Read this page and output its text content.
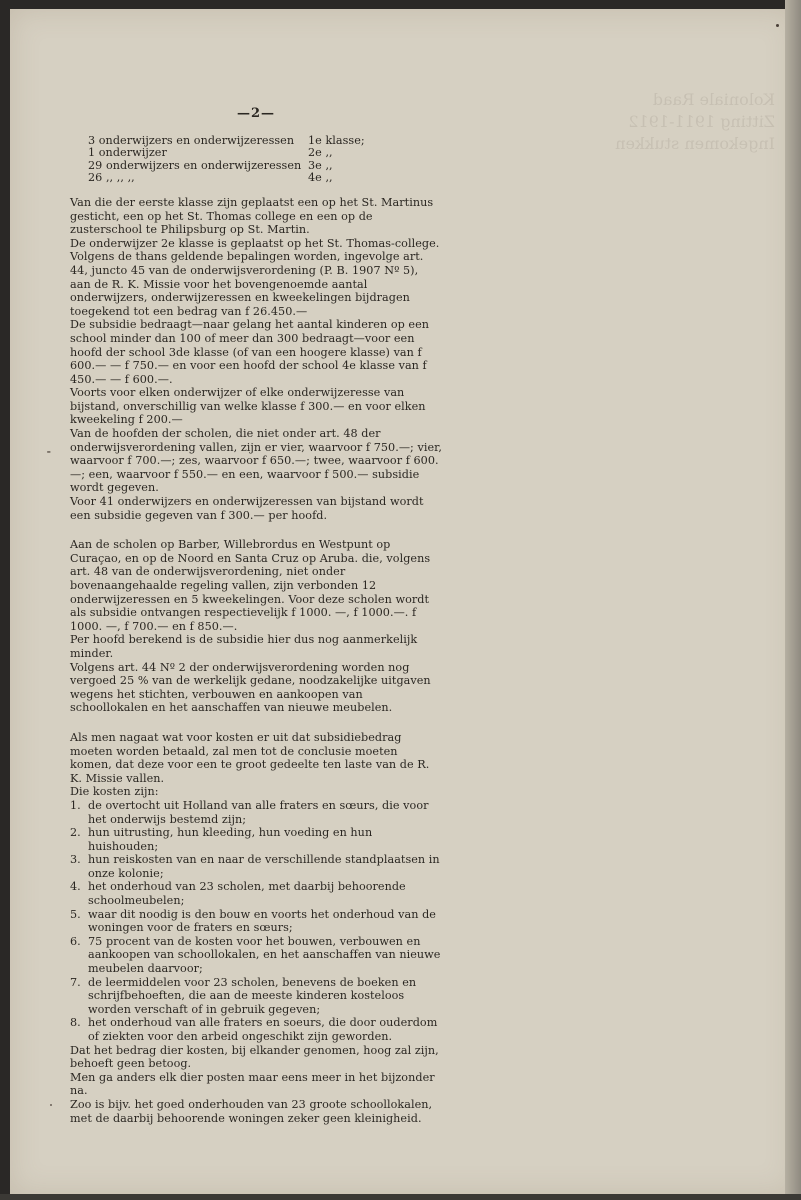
Koloniale Raad
Zitting 1911-1912
Ingekomen stukken
⁃
—2—
3 onderwijzers en onderwijzeressen	1e klasse;
1 onderwijzer	2e ,,
29 onderwijzers en onderwijzeressen 3e ,,
26 ,, ,, ,,	4e ,,

Van die der eerste klasse zijn geplaatst een op het St. Martinus gesticht, een op het St. Thomas college en een op de zusterschool te Philipsburg op St. Martin.

De onderwijzer 2e klasse is geplaatst op het St. Thomas-college.

Volgens de thans geldende bepalingen worden, ingevolge art. 44, juncto 45 van de onderwijsverordening (P. B. 1907 Nº 5), aan de R. K. Missie voor het bovengenoemde aantal onderwijzers, onderwijzeressen en kweekelingen bijdragen toegekend tot een bedrag van f 26.450.—

De subsidie bedraagt—naar gelang het aantal kinderen op een school minder dan 100 of meer dan 300 bedraagt—voor een hoofd der school 3de klasse (of van een hoogere klasse) van f 600.— — f 750.— en voor een hoofd der school 4e klasse van f 450.— — f 600.—.

Voorts voor elken onderwijzer of elke onderwijzeresse van bijstand, onverschillig van welke klasse f 300.— en voor elken kweekeling f 200.—

Van de hoofden der scholen, die niet onder art. 48 der onderwijsverordening vallen, zijn er vier, waarvoor f 750.—; vier, waarvoor f 700.—; zes, waarvoor f 650.—; twee, waarvoor f 600.—; een, waarvoor f 550.— en een, waarvoor f 500.— subsidie wordt gegeven.

Voor 41 onderwijzers en onderwijzeressen van bijstand wordt een subsidie gegeven van f 300.— per hoofd.

Aan de scholen op Barber, Willebrordus en Westpunt op Curaçao, en op de Noord en Santa Cruz op Aruba. die, volgens art. 48 van de onderwijsverordening, niet onder bovenaangehaalde regeling vallen, zijn verbonden 12 onderwijzeressen en 5 kweekelingen. Voor deze scholen wordt als subsidie ontvangen respectievelijk f 1000. —, f 1000.—. f 1000. —, f 700.— en f 850.—.

Per hoofd berekend is de subsidie hier dus nog aanmerkelijk minder.

Volgens art. 44 Nº 2 der onderwijsverordening worden nog vergoed 25 % van de werkelijk gedane, noodzakelijke uitgaven wegens het stichten, verbouwen en aankoopen van schoollokalen en het aanschaffen van nieuwe meubelen.

Als men nagaat wat voor kosten er uit dat subsidiebedrag moeten worden betaald, zal men tot de conclusie moeten komen, dat deze voor een te groot gedeelte ten laste van de R. K. Missie vallen.

Die kosten zijn:

1. de overtocht uit Holland van alle fraters en sœurs, die voor het onderwijs bestemd zijn;
2. hun uitrusting, hun kleeding, hun voeding en hun huishouden;
3. hun reiskosten van en naar de verschillende standplaatsen in onze kolonie;
4. het onderhoud van 23 scholen, met daarbij behoorende schoolmeubelen;
5. waar dit noodig is den bouw en voorts het onderhoud van de woningen voor de fraters en sœurs;
6. 75 procent van de kosten voor het bouwen, verbouwen en aankoopen van schoollokalen, en het aanschaffen van nieuwe meubelen daarvoor;
7. de leermiddelen voor 23 scholen, benevens de boeken en schrijfbehoeften, die aan de meeste kinderen kosteloos worden verschaft of in gebruik gegeven;
8. het onderhoud van alle fraters en soeurs, die door ouderdom of ziekten voor den arbeid ongeschikt zijn geworden.

Dat het bedrag dier kosten, bij elkander genomen, hoog zal zijn, behoeft geen betoog.

Men ga anders elk dier posten maar eens meer in het bijzonder na.

Zoo is bijv. het goed onderhouden van 23 groote schoollokalen, met de daarbij behoorende woningen zeker geen kleinigheid.
